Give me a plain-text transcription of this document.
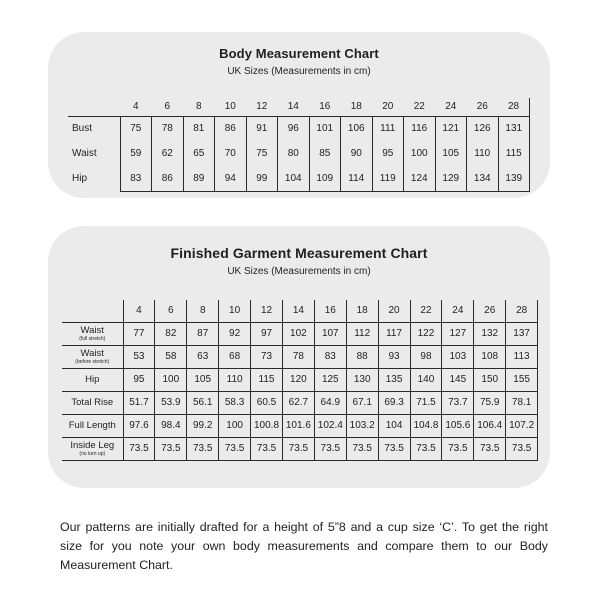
Body Measurement Chart
UK Sizes (Measurements in cm)
	4	6	8	10	12	14	16	18	20	22	24	26	28
Bust	75	78	81	86	91	96	101	106	111	116	121	126	131
Waist	59	62	65	70	75	80	85	90	95	100	105	110	115
Hip	83	86	89	94	99	104	109	114	119	124	129	134	139
Finished Garment Measurement Chart
UK Sizes (Measurements in cm)
	4	6	8	10	12	14	16	18	20	22	24	26	28

Waist
(full stretch)	77	82	87	92	97	102	107	112	117	122	127	132	137

Waist
(before stretch)	53	58	63	68	73	78	83	88	93	98	103	108	113

Hip	95	100	105	110	115	120	125	130	135	140	145	150	155

Total Rise	51.7	53.9	56.1	58.3	60.5	62.7	64.9	67.1	69.3	71.5	73.7	75.9	78.1

Full Length	97.6	98.4	99.2	100	100.8	101.6	102.4	103.2	104	104.8	105.6	106.4	107.2

Inside Leg
(no turn up)	73.5	73.5	73.5	73.5	73.5	73.5	73.5	73.5	73.5	73.5	73.5	73.5	73.5

Our patterns are initially drafted for a height of 5”8 and a cup size ‘C’. To get the right size for you note your own body measurements and compare them to our Body Measurement Chart.
